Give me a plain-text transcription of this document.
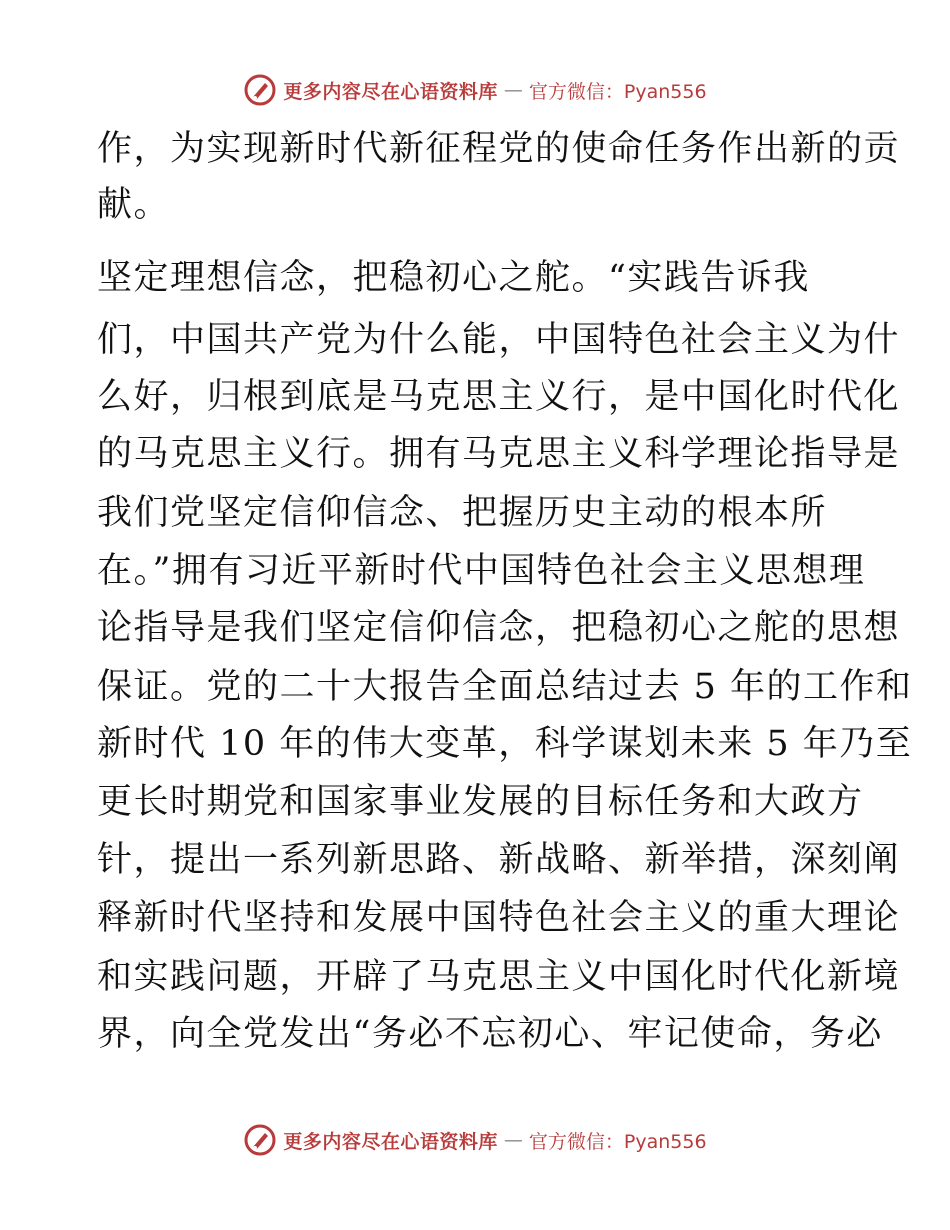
更多内容尽在心语资料库 — 官方微信：Pyan556
作，为实现新时代新征程党的使命任务作出新的贡
献。
坚定理想信念，把稳初心之舵。“实践告诉我
们，中国共产党为什么能，中国特色社会主义为什
么好，归根到底是马克思主义行，是中国化时代化
的马克思主义行。拥有马克思主义科学理论指导是
我们党坚定信仰信念、把握历史主动的根本所
在。”拥有习近平新时代中国特色社会主义思想理
论指导是我们坚定信仰信念，把稳初心之舵的思想
保证。党的二十大报告全面总结过去 5 年的工作和
新时代 10 年的伟大变革，科学谋划未来 5 年乃至
更长时期党和国家事业发展的目标任务和大政方
针，提出一系列新思路、新战略、新举措，深刻阐
释新时代坚持和发展中国特色社会主义的重大理论
和实践问题，开辟了马克思主义中国化时代化新境
界，向全党发出“务必不忘初心、牢记使命，务必
更多内容尽在心语资料库 — 官方微信：Pyan556
